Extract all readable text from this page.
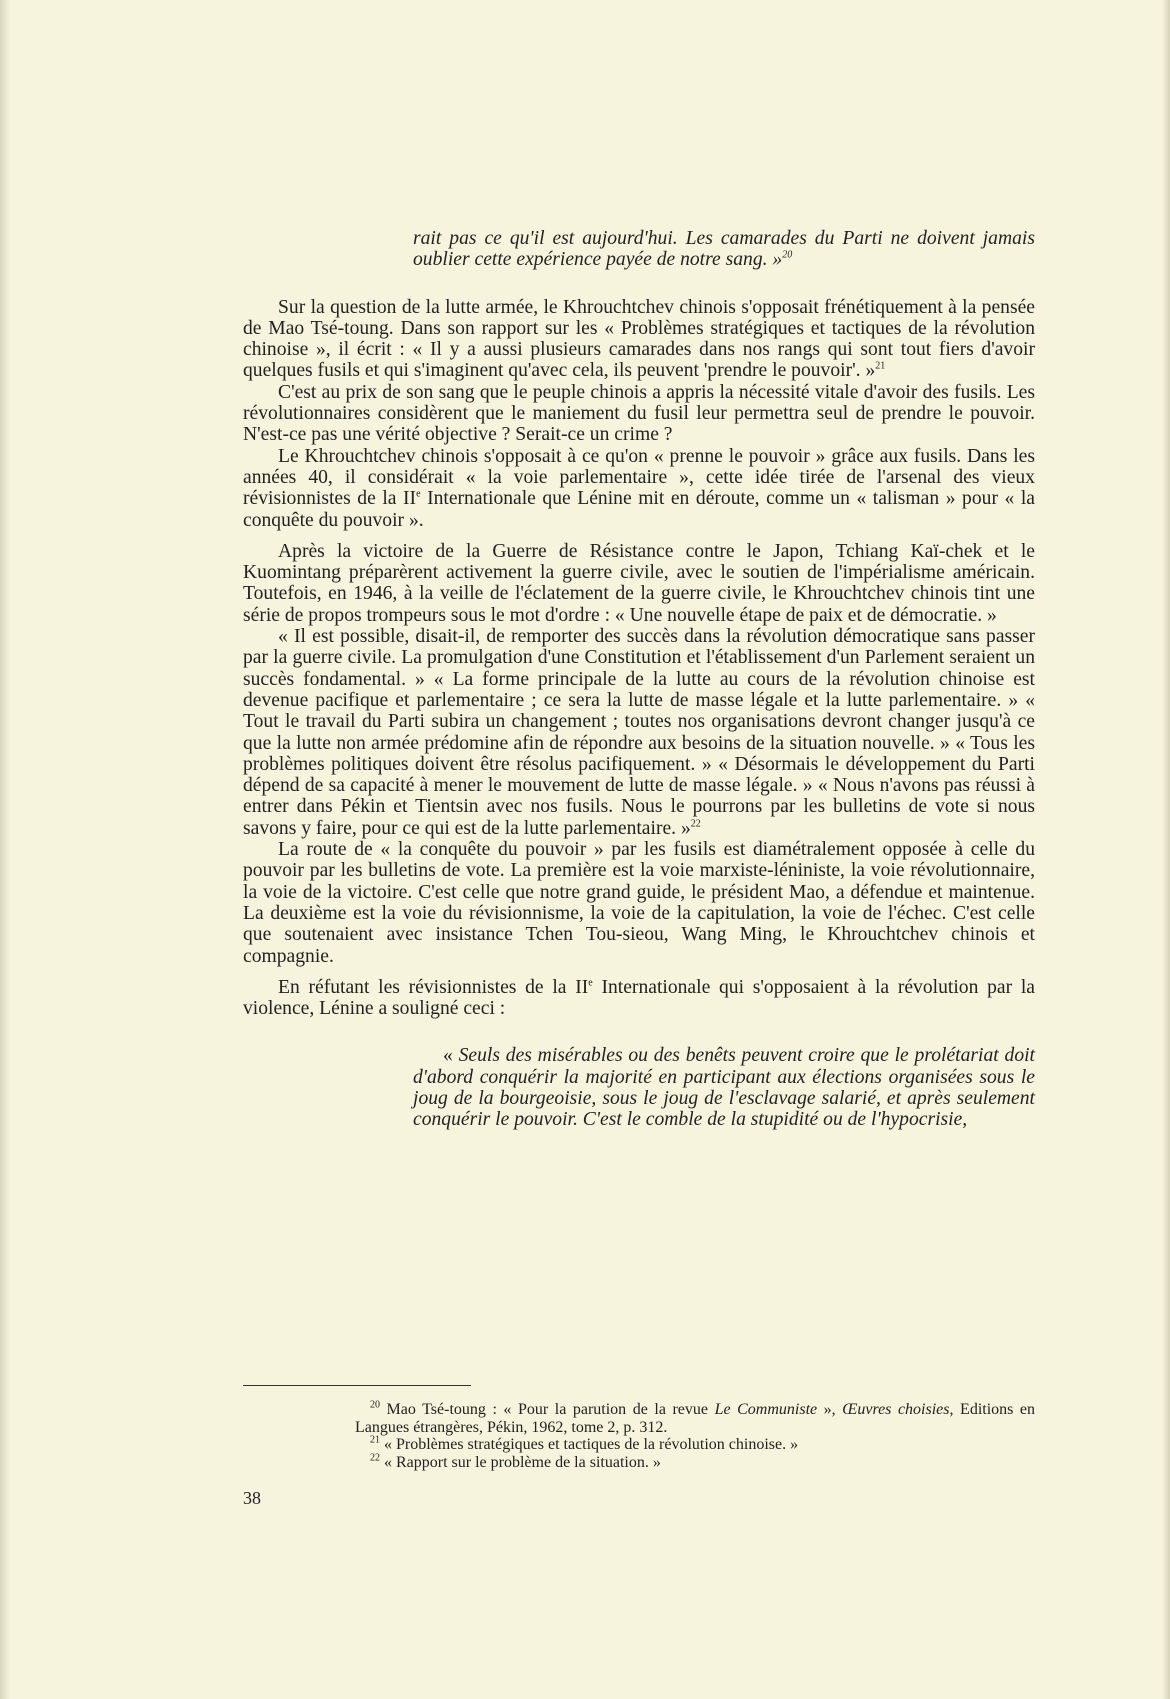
rait pas ce qu'il est aujourd'hui. Les camarades du Parti ne doivent jamais oublier cette expérience payée de notre sang. »$^{20}$

Sur la question de la lutte armée, le Khrouchtchev chinois s'opposait frénétiquement à la pensée de Mao Tsé-toung. Dans son rapport sur les « Problèmes stratégiques et tactiques de la révolution chinoise », il écrit : « Il y a aussi plusieurs camarades dans nos rangs qui sont tout fiers d'avoir quelques fusils et qui s'imaginent qu'avec cela, ils peuvent 'prendre le pouvoir'. »$^{21}$

C'est au prix de son sang que le peuple chinois a appris la nécessité vitale d'avoir des fusils. Les révolutionnaires considèrent que le maniement du fusil leur permettra seul de prendre le pouvoir. N'est-ce pas une vérité objective ? Serait-ce un crime ?

Le Khrouchtchev chinois s'opposait à ce qu'on « prenne le pouvoir » grâce aux fusils. Dans les années 40, il considérait « la voie parlementaire », cette idée tirée de l'arsenal des vieux révisionnistes de la IIe Internationale que Lénine mit en déroute, comme un « talisman » pour « la conquête du pouvoir ».

Après la victoire de la Guerre de Résistance contre le Japon, Tchiang Kaï-chek et le Kuomintang préparèrent activement la guerre civile, avec le soutien de l'impérialisme américain. Toutefois, en 1946, à la veille de l'éclatement de la guerre civile, le Khrouchtchev chinois tint une série de propos trompeurs sous le mot d'ordre : « Une nouvelle étape de paix et de démocratie. »

« Il est possible, disait-il, de remporter des succès dans la révolution démocratique sans passer par la guerre civile. La promulgation d'une Constitution et l'établissement d'un Parlement seraient un succès fondamental. » « La forme principale de la lutte au cours de la révolution chinoise est devenue pacifique et parlementaire ; ce sera la lutte de masse légale et la lutte parlementaire. » « Tout le travail du Parti subira un changement ; toutes nos organisations devront changer jusqu'à ce que la lutte non armée prédomine afin de répondre aux besoins de la situation nouvelle. » « Tous les problèmes politiques doivent être résolus pacifiquement. » « Désormais le développement du Parti dépend de sa capacité à mener le mouvement de lutte de masse légale. » « Nous n'avons pas réussi à entrer dans Pékin et Tientsin avec nos fusils. Nous le pourrons par les bulletins de vote si nous savons y faire, pour ce qui est de la lutte parlementaire. »$^{22}$

La route de « la conquête du pouvoir » par les fusils est diamétralement opposée à celle du pouvoir par les bulletins de vote. La première est la voie marxiste-léniniste, la voie révolutionnaire, la voie de la victoire. C'est celle que notre grand guide, le président Mao, a défendue et maintenue. La deuxième est la voie du révisionnisme, la voie de la capitulation, la voie de l'échec. C'est celle que soutenaient avec insistance Tchen Tou-sieou, Wang Ming, le Khrouchtchev chinois et compagnie.

En réfutant les révisionnistes de la IIe Internationale qui s'opposaient à la révolution par la violence, Lénine a souligné ceci :

« Seuls des misérables ou des benêts peuvent croire que le prolétariat doit d'abord conquérir la majorité en participant aux élections organisées sous le joug de la bourgeoisie, sous le joug de l'esclavage salarié, et après seulement conquérir le pouvoir. C'est le comble de la stupidité ou de l'hypocrisie,

$^{20}$ Mao Tsé-toung : « Pour la parution de la revue Le Communiste », Œuvres choisies, Editions en Langues étrangères, Pékin, 1962, tome 2, p. 312.

$^{21}$ « Problèmes stratégiques et tactiques de la révolution chinoise. »

$^{22}$ « Rapport sur le problème de la situation. »

38
